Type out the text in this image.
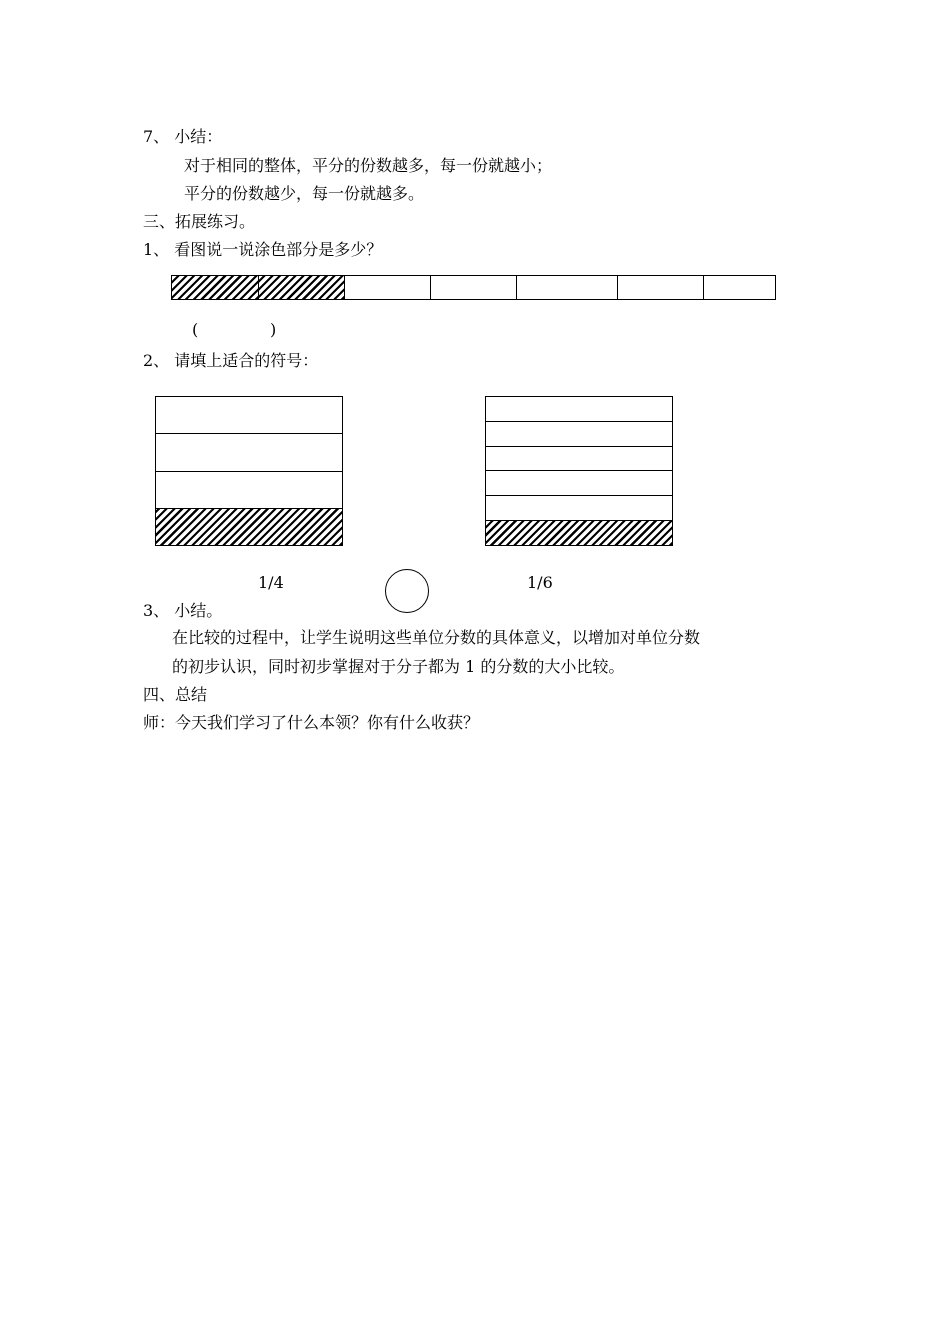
7、 小结：
对于相同的整体，平分的份数越多，每一份就越小；
平分的份数越少，每一份就越多。
三、拓展练习。
1、 看图说一说涂色部分是多少？
(	)
2、 请填上适合的符号：
1/4	1/6
3、 小结。
在比较的过程中，让学生说明这些单位分数的具体意义，以增加对单位分数
的初步认识，同时初步掌握对于分子都为 1 的分数的大小比较。
四、总结
师：今天我们学习了什么本领？你有什么收获？
